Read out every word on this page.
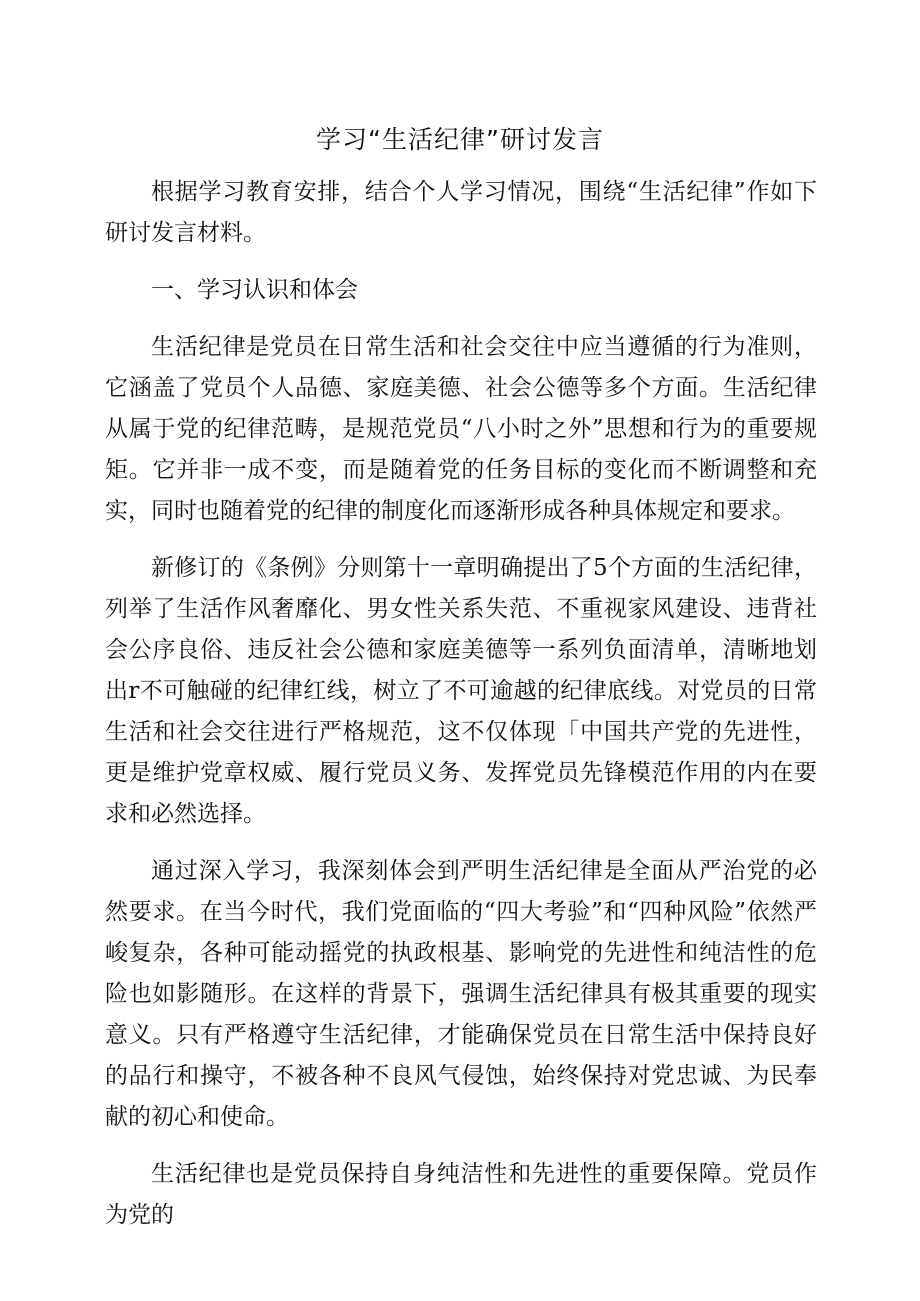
学习“生活纪律”研讨发言

根据学习教育安排，结合个人学习情况，围绕“生活纪律”作如下研讨发言材料。

一、学习认识和体会

生活纪律是党员在日常生活和社会交往中应当遵循的行为准则，它涵盖了党员个人品德、家庭美德、社会公德等多个方面。生活纪律从属于党的纪律范畴，是规范党员“八小时之外”思想和行为的重要规矩。它并非一成不变，而是随着党的任务目标的变化而不断调整和充实，同时也随着党的纪律的制度化而逐渐形成各种具体规定和要求。

新修订的《条例》分则第十一章明确提出了5个方面的生活纪律，列举了生活作风奢靡化、男女性关系失范、不重视家风建设、违背社会公序良俗、违反社会公德和家庭美德等一系列负面清单，清晰地划出r不可触碰的纪律红线，树立了不可逾越的纪律底线。对党员的日常生活和社会交往进行严格规范，这不仅体现「中国共产党的先进性，更是维护党章权威、履行党员义务、发挥党员先锋模范作用的内在要求和必然选择。

通过深入学习，我深刻体会到严明生活纪律是全面从严治党的必然要求。在当今时代，我们党面临的“四大考验”和“四种风险”依然严峻复杂，各种可能动摇党的执政根基、影响党的先进性和纯洁性的危险也如影随形。在这样的背景下，强调生活纪律具有极其重要的现实意义。只有严格遵守生活纪律，才能确保党员在日常生活中保持良好的品行和操守，不被各种不良风气侵蚀，始终保持对党忠诚、为民奉献的初心和使命。

生活纪律也是党员保持自身纯洁性和先进性的重要保障。党员作为党的
